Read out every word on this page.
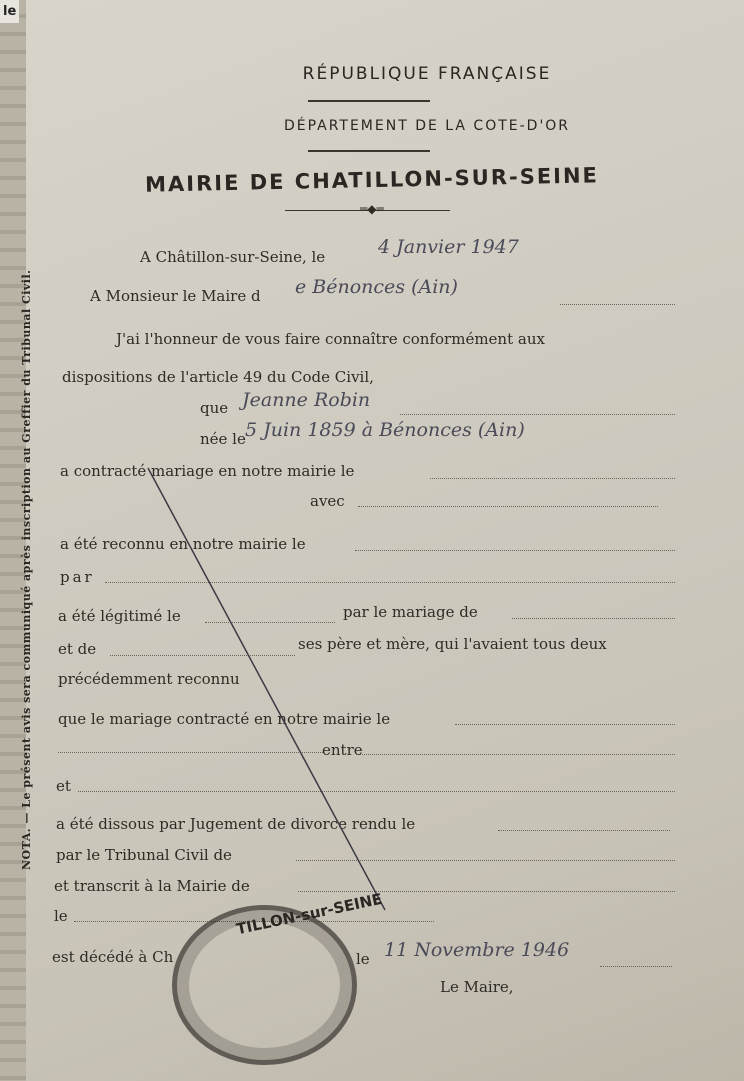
le
NOTA. — Le présent avis sera communiqué après inscription au Greffier du Tribunal Civil.
RÉPUBLIQUE FRANÇAISE
DÉPARTEMENT DE LA COTE-D'OR
MAIRIE DE CHATILLON-SUR-SEINE
═◆═
A Châtillon-sur-Seine, le	4 Janvier 1947
A Monsieur le Maire d e Bénonces (Ain)
J'ai l'honneur de vous faire connaître conformément aux
dispositions de l'article 49 du Code Civil,
que Jeanne Robin
née le 5 Juin 1859 à Bénonces (Ain)
a contracté mariage en notre mairie le
avec
a été reconnu en notre mairie le
par
a été légitimé le	par le mariage de
et de	ses père et mère, qui l'avaient tous deux
précédemment reconnu
que le mariage contracté en notre mairie le
entre
et
a été dissous par Jugement de divorce rendu le
par le Tribunal Civil de
et transcrit à la Mairie de
le
est décédé à Ch	le 11 Novembre 1946
Le Maire,
TILLON-sur-SEINE
